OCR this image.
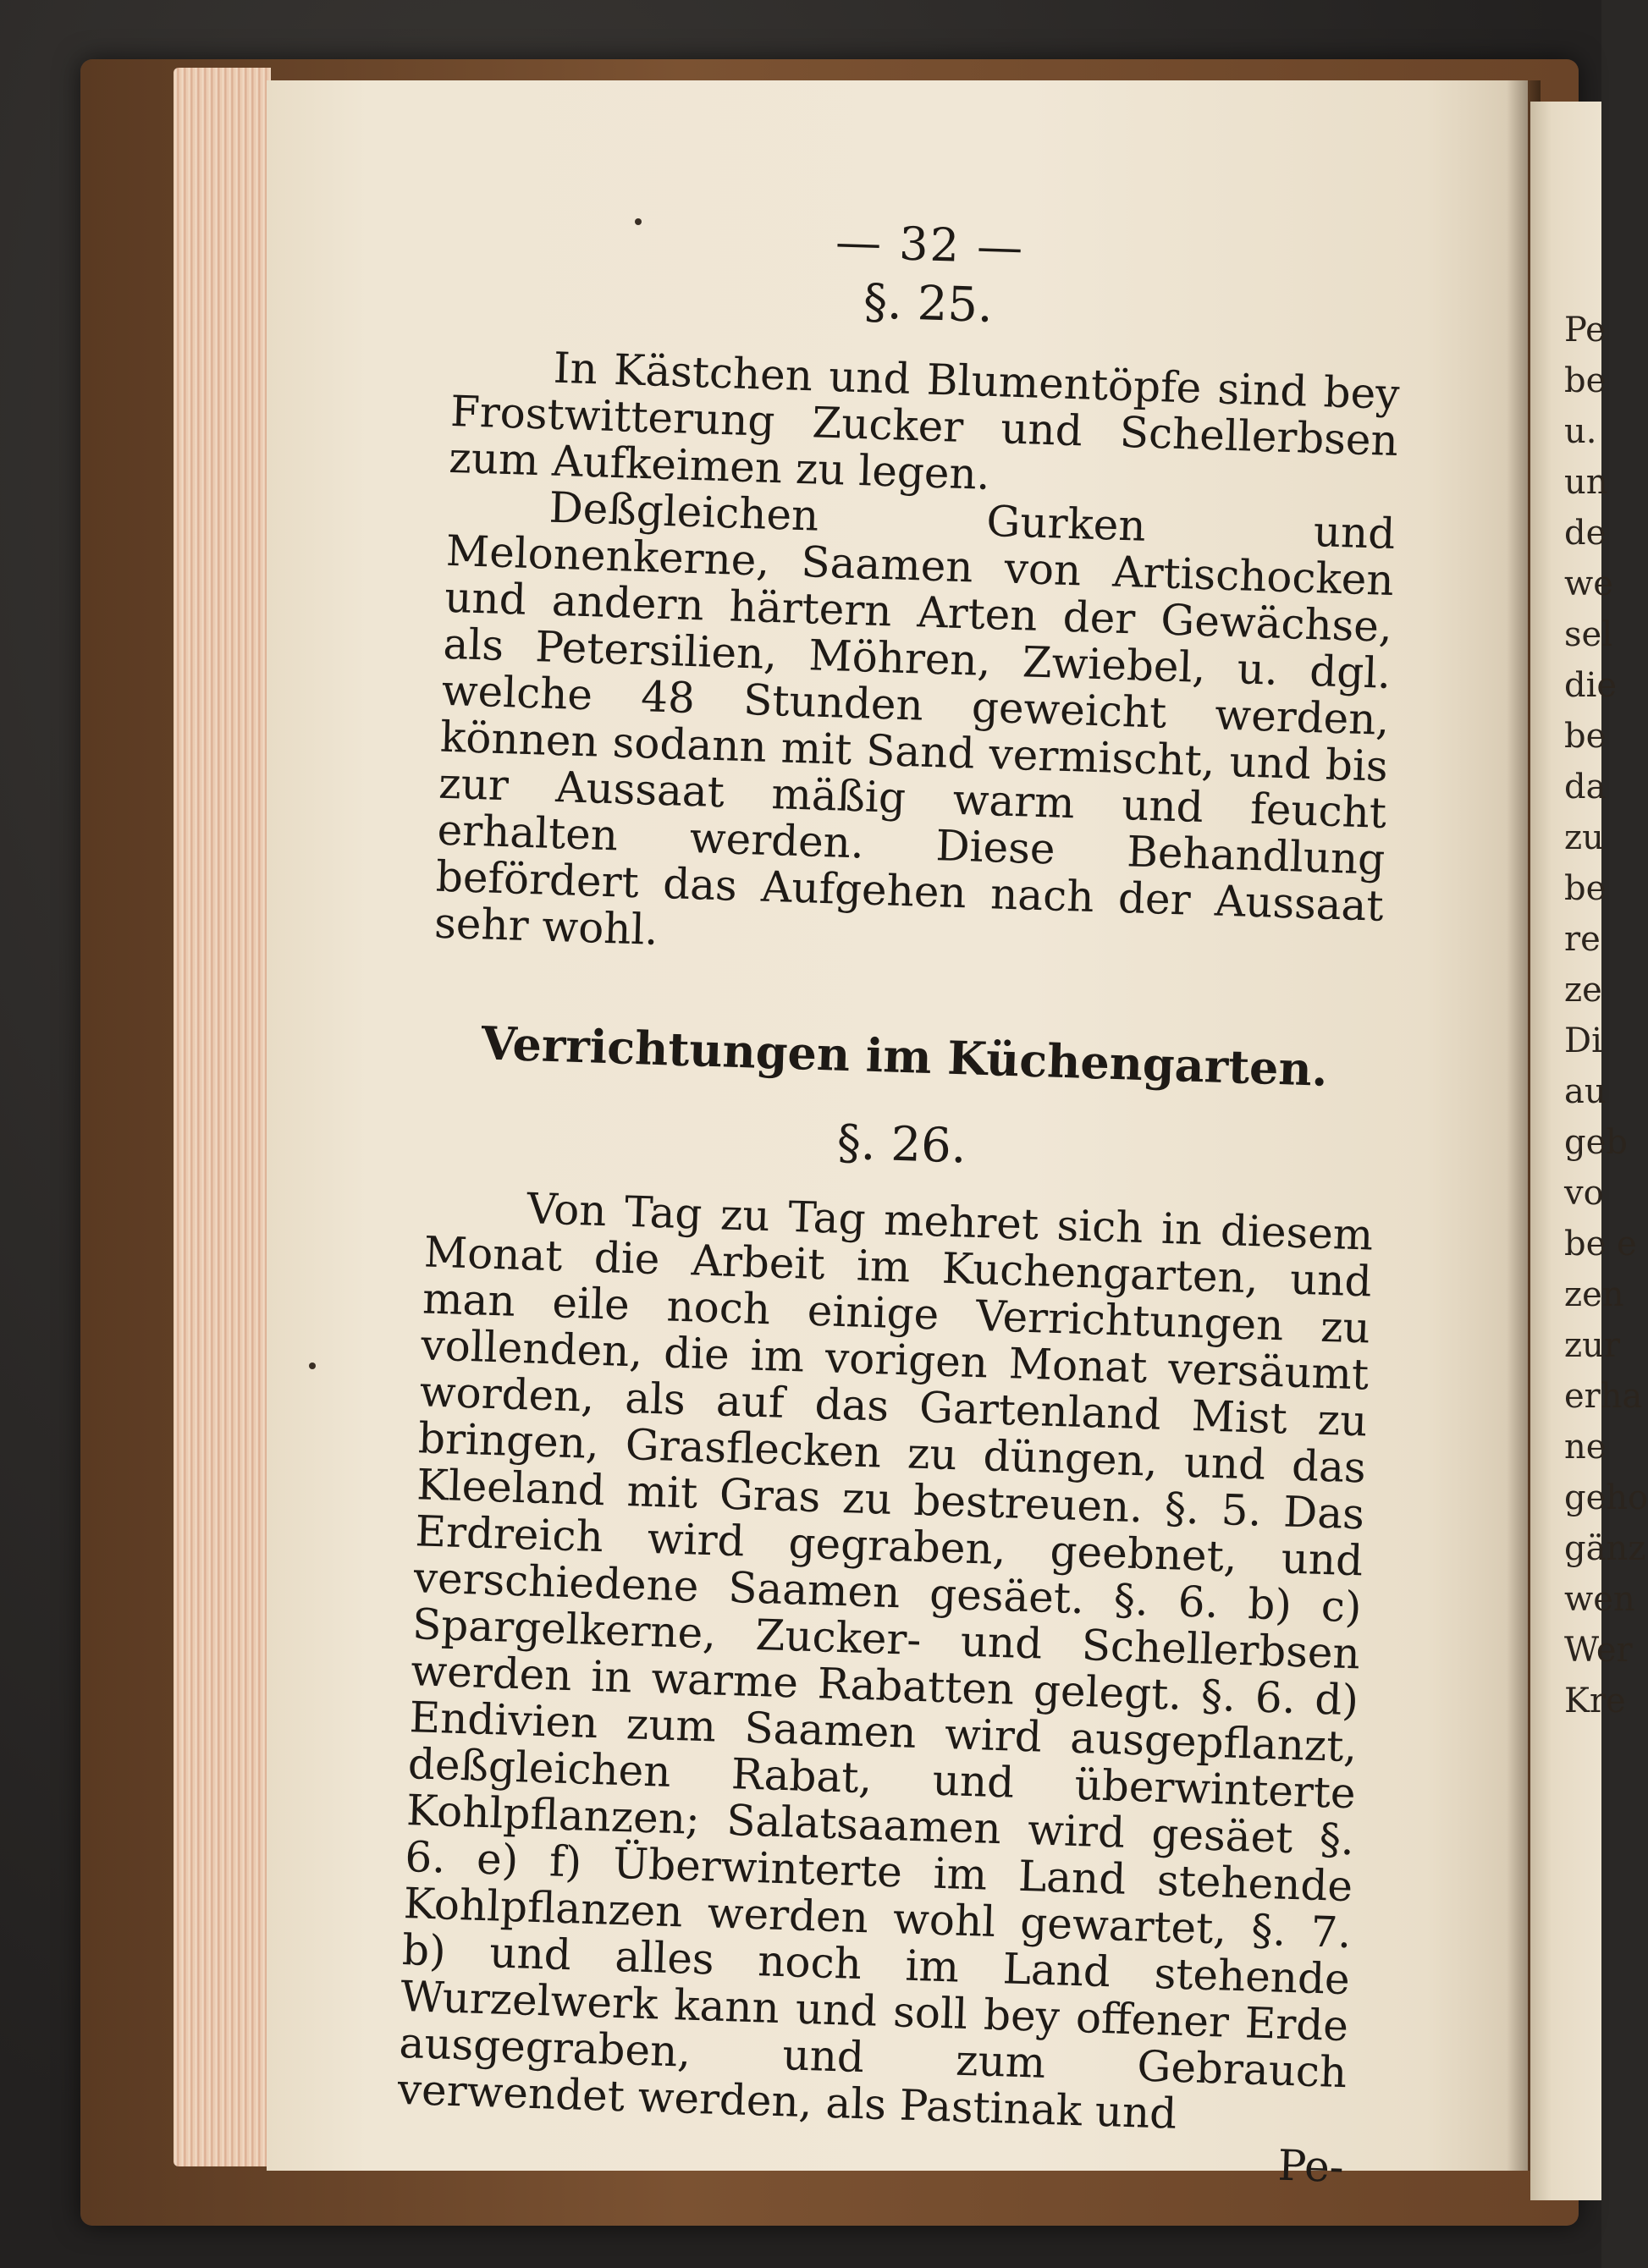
Pe
be
u.
un
de
we
sel
die
be
da
zu
be
re
ze
Di
au
geb
vo
be e
zen
zur
erha
ne
geho
gänz
wen
Wer
Kre
— 32 —
§. 25.

In Kästchen und Blumentöpfe sind bey Frostwitterung Zucker und Schellerbsen zum Aufkeimen zu legen.

Deßgleichen Gurken und Melonenkerne, Saamen von Artischocken und andern härtern Arten der Gewächse, als Petersilien, Möhren, Zwiebel, u. dgl. welche 48 Stunden geweicht werden, können sodann mit Sand vermischt, und bis zur Aussaat mäßig warm und feucht erhalten werden. Diese Behandlung befördert das Aufgehen nach der Aussaat sehr wohl.

Verrichtungen im Küchengarten.
§. 26.

Von Tag zu Tag mehret sich in diesem Monat die Arbeit im Kuchengarten, und man eile noch einige Verrichtungen zu vollenden, die im vorigen Monat versäumt worden, als auf das Gartenland Mist zu bringen, Grasflecken zu düngen, und das Kleeland mit Gras zu bestreuen. §. 5. Das Erdreich wird gegraben, geebnet, und verschiedene Saamen gesäet. §. 6. b) c) Spargelkerne, Zucker- und Schellerbsen werden in warme Rabatten gelegt. §. 6. d) Endivien zum Saamen wird ausgepflanzt, deßgleichen Rabat, und überwinterte Kohlpflanzen; Salatsaamen wird gesäet §. 6. e) f) Überwinterte im Land stehende Kohlpflanzen werden wohl gewartet, §. 7. b) und alles noch im Land stehende Wurzelwerk kann und soll bey offener Erde ausgegraben, und zum Gebrauch verwendet werden, als Pastinak und

Pe-
